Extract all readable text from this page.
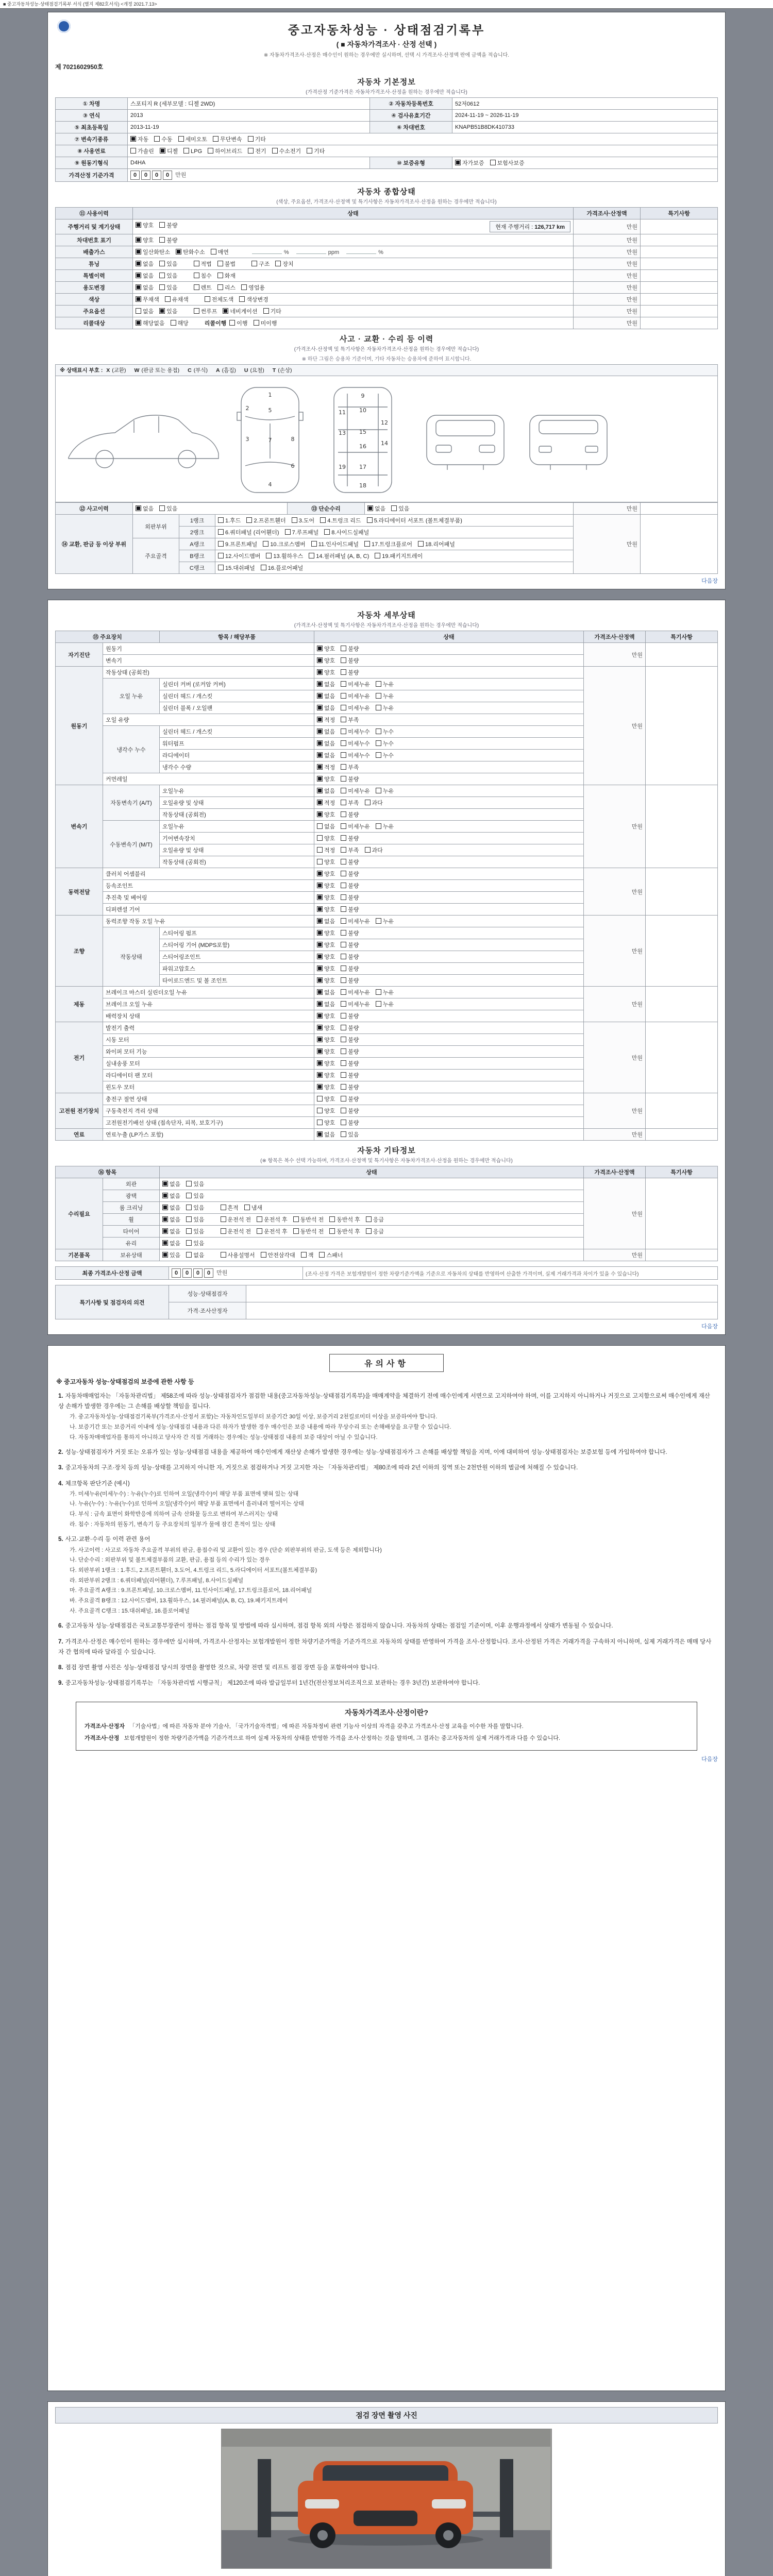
■ 중고자동차성능·상태점검기록부 서식 (별지 제82호서식) <개정 2021.7.13>
중고자동차성능 · 상태점검기록부
( ■ 자동차가격조사 · 산정 선택 )
※ 자동차가격조사·산정은 매수인이 원하는 경우에만 실시하며, 선택 시 가격조사·산정액 란에 금액을 적습니다.
제 7021602950호
자동차 기본정보
(가격산정 기준가격은 자동차가격조사·산정을 원하는 경우에만 적습니다)
① 차명	스포티지 R (세부모델 : 디젤 2WD)	② 자동차등록번호	52저0612
③ 연식	2013	④ 검사유효기간	2024-11-19 ~ 2026-11-19
⑤ 최초등록일	2013-11-19	⑥ 차대번호	KNAPB51B8DK410733
⑦ 변속기종류	자동 수동 세미오토 무단변속 기타		
⑧ 사용연료	가솔린 디젤 LPG 하이브리드 전기 수소전기 기타		
⑨ 원동기형식	D4HA	⑩ 보증유형	자가보증 보험사보증
가격산정 기준가격	0 0 0 0 만원		
자동차 종합상태
(색상, 주요옵션, 가격조사·산정액 및 특기사항은 자동차가격조사·산정을 원하는 경우에만 적습니다)
⑪ 사용이력	상태	가격조사·산정액	특기사항
주행거리 및 계기상태	양호 불량 현재 주행거리 : 126,717 km	만원	
차대번호 표기	양호 불량	만원	
배출가스	일산화탄소 탄화수소 매연 % ppm %	만원	
튜닝	없음 있음 적법 불법 구조 장치	만원	
특별이력	없음 있음 침수 화재	만원	
용도변경	없음 있음 렌트 리스 영업용	만원	
색상	무채색 유채색 전체도색 색상변경	만원	
주요옵션	없음 있음 썬루프 네비게이션 기타	만원	
리콜대상	해당없음 해당 리콜이행 이행 미이행	만원	
사고 · 교환 · 수리 등 이력
(가격조사·산정액 및 특기사항은 자동차가격조사·산정을 원하는 경우에만 적습니다)
※ 하단 그림은 승용차 기준이며, 기타 자동차는 승용차에 준하여 표시합니다.
※ 상태표시 부호 : X (교환) W (판금 또는 용접) C (부식) A (흠집) U (요철) T (손상)
1
2
3
4
5
6
7	8
9
10
11
12
13
14
15
16
17
18
19
⑫ 사고이력	없음 있음	⑬ 단순수리	없음 있음	만원	
⑭ 교환, 판금 등 이상 부위	외판부위	1랭크	1.후드 2.프론트휀더 3.도어 4.트렁크 리드 5.라디에이터 서포트 (볼트체결부품)	만원	
		2랭크	6.쿼터패널 (리어휀더) 7.루프패널 8.사이드실패널		
	주요골격	A랭크	9.프론트패널 10.크로스멤버 11.인사이드패널 17.트렁크플로어 18.리어패널		
		B랭크	12.사이드멤버 13.휠하우스 14.필러패널 (A, B, C) 19.패키지트레이		
		C랭크	15.대쉬패널 16.플로어패널		
다음장
자동차 세부상태
(가격조사·산정액 및 특기사항은 자동차가격조사·산정을 원하는 경우에만 적습니다)
⑮ 주요장치		항목 / 해당부품	상태	가격조사·산정액	특기사항
자기진단	원동기		양호 불량	만원	
	변속기		양호 불량		
원동기	작동상태 (공회전)		양호 불량	만원	
	오일 누유	실린더 커버 (로커암 커버)	없음 미세누유 누유		
		실린더 헤드 / 개스킷	없음 미세누유 누유		
		실린더 블록 / 오일팬	없음 미세누유 누유		
	오일 유량		적정 부족		
	냉각수 누수	실린더 헤드 / 개스킷	없음 미세누수 누수		
		워터펌프	없음 미세누수 누수		
		라디에이터	없음 미세누수 누수		
		냉각수 수량	적정 부족		
	커먼레일		양호 불량		
변속기	자동변속기 (A/T)	오일누유	없음 미세누유 누유	만원	
		오일유량 및 상태	적정 부족 과다		
		작동상태 (공회전)	양호 불량		
	수동변속기 (M/T)	오일누유	없음 미세누유 누유		
		기어변속장치	양호 불량		
		오일유량 및 상태	적정 부족 과다		
		작동상태 (공회전)	양호 불량		
동력전달	클러치 어셈블리		양호 불량	만원	
	등속조인트		양호 불량		
	추진축 및 베어링		양호 불량		
	디퍼렌셜 기어		양호 불량		
조향	동력조향 작동 오일 누유		없음 미세누유 누유	만원	
	작동상태	스티어링 펌프	양호 불량		
		스티어링 기어 (MDPS포함)	양호 불량		
		스티어링조인트	양호 불량		
		파워고압호스	양호 불량		
		타이로드엔드 및 볼 조인트	양호 불량		
제동	브레이크 마스터 실린더오일 누유		없음 미세누유 누유	만원	
	브레이크 오일 누유		없음 미세누유 누유		
	배력장치 상태		양호 불량		
전기	발전기 출력		양호 불량	만원	
	시동 모터		양호 불량		
	와이퍼 모터 기능		양호 불량		
	실내송풍 모터		양호 불량		
	라디에이터 팬 모터		양호 불량		
	윈도우 모터		양호 불량		
고전원 전기장치	충전구 절연 상태		양호 불량	만원	
	구동축전지 격리 상태		양호 불량		
	고전원전기배선 상태 (접속단자, 피복, 보호기구)		양호 불량		
연료	연료누출 (LP가스 포함)		없음 있음	만원	
자동차 기타정보
(※ 항목은 복수 선택 가능하며, 가격조사·산정액 및 특기사항은 자동차가격조사·산정을 원하는 경우에만 적습니다)
⑯ 항목		상태	가격조사·산정액	특기사항
수리필요	외관	없음 있음	만원	
	광택	없음 있음		
	룸 크리닝	없음 있음 흔적 냄새		
	휠	없음 있음 운전석 전 운전석 후 동반석 전 동반석 후 응급		
	타이어	없음 있음 운전석 전 운전석 후 동반석 전 동반석 후 응급		
	유리	없음 있음		
기본품목	보유상태	있음 없음 사용설명서 안전삼각대 잭 스패너	만원	
최종 가격조사·산정 금액	0 0 0 0 만원	(조사·산정 가격은 보험개발원이 정한 차량기준가액을 기준으로 자동차의 상태를 반영하여 산출한 가격이며, 실제 거래가격과 차이가 있을 수 있습니다)
특기사항 및 점검자의 의견	성능·상태점검자	
	가격·조사산정자	
다음장
유의사항
※ 중고자동차 성능·상태점검의 보증에 관한 사항 등
1. 자동차매매업자는 「자동차관리법」 제58조에 따라 성능·상태점검자가 점검한 내용(중고자동차성능·상태점검기록부)을 매매계약을 체결하기 전에 매수인에게 서면으로 고지하여야 하며, 이를 고지하지 아니하거나 거짓으로 고지함으로써 매수인에게 재산상 손해가 발생한 경우에는 그 손해를 배상할 책임을 집니다.
가. 중고자동차성능·상태점검기록부(가격조사·산정서 포함)는 자동차인도일부터 보증기간 30일 이상, 보증거리 2천킬로미터 이상을 보증하여야 합니다.
나. 보증기간 또는 보증거리 이내에 성능·상태점검 내용과 다른 하자가 발생한 경우 매수인은 보증 내용에 따라 무상수리 또는 손해배상을 요구할 수 있습니다.
다. 자동차매매업자를 통하지 아니하고 당사자 간 직접 거래하는 경우에는 성능·상태점검 내용의 보증 대상이 아닐 수 있습니다.
2. 성능·상태점검자가 거짓 또는 오류가 있는 성능·상태점검 내용을 제공하여 매수인에게 재산상 손해가 발생한 경우에는 성능·상태점검자가 그 손해를 배상할 책임을 지며, 이에 대비하여 성능·상태점검자는 보증보험 등에 가입하여야 합니다.
3. 중고자동차의 구조·장치 등의 성능·상태를 고지하지 아니한 자, 거짓으로 점검하거나 거짓 고지한 자는 「자동차관리법」 제80조에 따라 2년 이하의 징역 또는 2천만원 이하의 벌금에 처해질 수 있습니다.
4. 체크항목 판단기준 (예시)
가. 미세누유(미세누수) : 누유(누수)로 인하여 오일(냉각수)이 해당 부품 표면에 맺혀 있는 상태
나. 누유(누수) : 누유(누수)로 인하여 오일(냉각수)이 해당 부품 표면에서 흘러내려 떨어지는 상태
다. 부식 : 금속 표면이 화학반응에 의하여 금속 산화물 등으로 변하여 부스러지는 상태
라. 침수 : 자동차의 원동기, 변속기 등 주요장치의 일부가 물에 잠긴 흔적이 있는 상태
5. 사고·교환·수리 등 이력 관련 용어
가. 사고이력 : 사고로 자동차 주요골격 부위의 판금, 용접수리 및 교환이 있는 경우 (단순 외판부위의 판금, 도색 등은 제외합니다)
나. 단순수리 : 외판부위 및 볼트체결부품의 교환, 판금, 용접 등의 수리가 있는 경우
다. 외판부위 1랭크 : 1.후드, 2.프론트휀더, 3.도어, 4.트렁크 리드, 5.라디에이터 서포트(볼트체결부품)
라. 외판부위 2랭크 : 6.쿼터패널(리어휀더), 7.루프패널, 8.사이드실패널
마. 주요골격 A랭크 : 9.프론트패널, 10.크로스멤버, 11.인사이드패널, 17.트렁크플로어, 18.리어패널
바. 주요골격 B랭크 : 12.사이드멤버, 13.휠하우스, 14.필러패널(A, B, C), 19.패키지트레이
사. 주요골격 C랭크 : 15.대쉬패널, 16.플로어패널
6. 중고자동차 성능·상태점검은 국토교통부장관이 정하는 점검 항목 및 방법에 따라 실시하며, 점검 항목 외의 사항은 점검하지 않습니다. 자동차의 상태는 점검일 기준이며, 이후 운행과정에서 상태가 변동될 수 있습니다.
7. 가격조사·산정은 매수인이 원하는 경우에만 실시하며, 가격조사·산정자는 보험개발원이 정한 차량기준가액을 기준가격으로 자동차의 상태를 반영하여 가격을 조사·산정합니다. 조사·산정된 가격은 거래가격을 구속하지 아니하며, 실제 거래가격은 매매 당사자 간 협의에 따라 달라질 수 있습니다.
8. 점검 장면 촬영 사진은 성능·상태점검 당시의 장면을 촬영한 것으로, 차량 전면 및 리프트 점검 장면 등을 포함하여야 합니다.
9. 중고자동차성능·상태점검기록부는 「자동차관리법 시행규칙」 제120조에 따라 발급일부터 1년간(전산정보처리조직으로 보관하는 경우 3년간) 보관하여야 합니다.
자동차가격조사·산정이란?
가격조사·산정자 「기술사법」에 따른 자동차 분야 기술사, 「국가기술자격법」에 따른 자동차정비 관련 기능사 이상의 자격을 갖추고 가격조사·산정 교육을 이수한 자를 말합니다.
가격조사·산정 보험개발원이 정한 차량기준가액을 기준가격으로 하여 실제 자동차의 상태를 반영한 가격을 조사·산정하는 것을 말하며, 그 결과는 중고자동차의 실제 거래가격과 다를 수 있습니다.
다음장
점검 장면 촬영 사진
